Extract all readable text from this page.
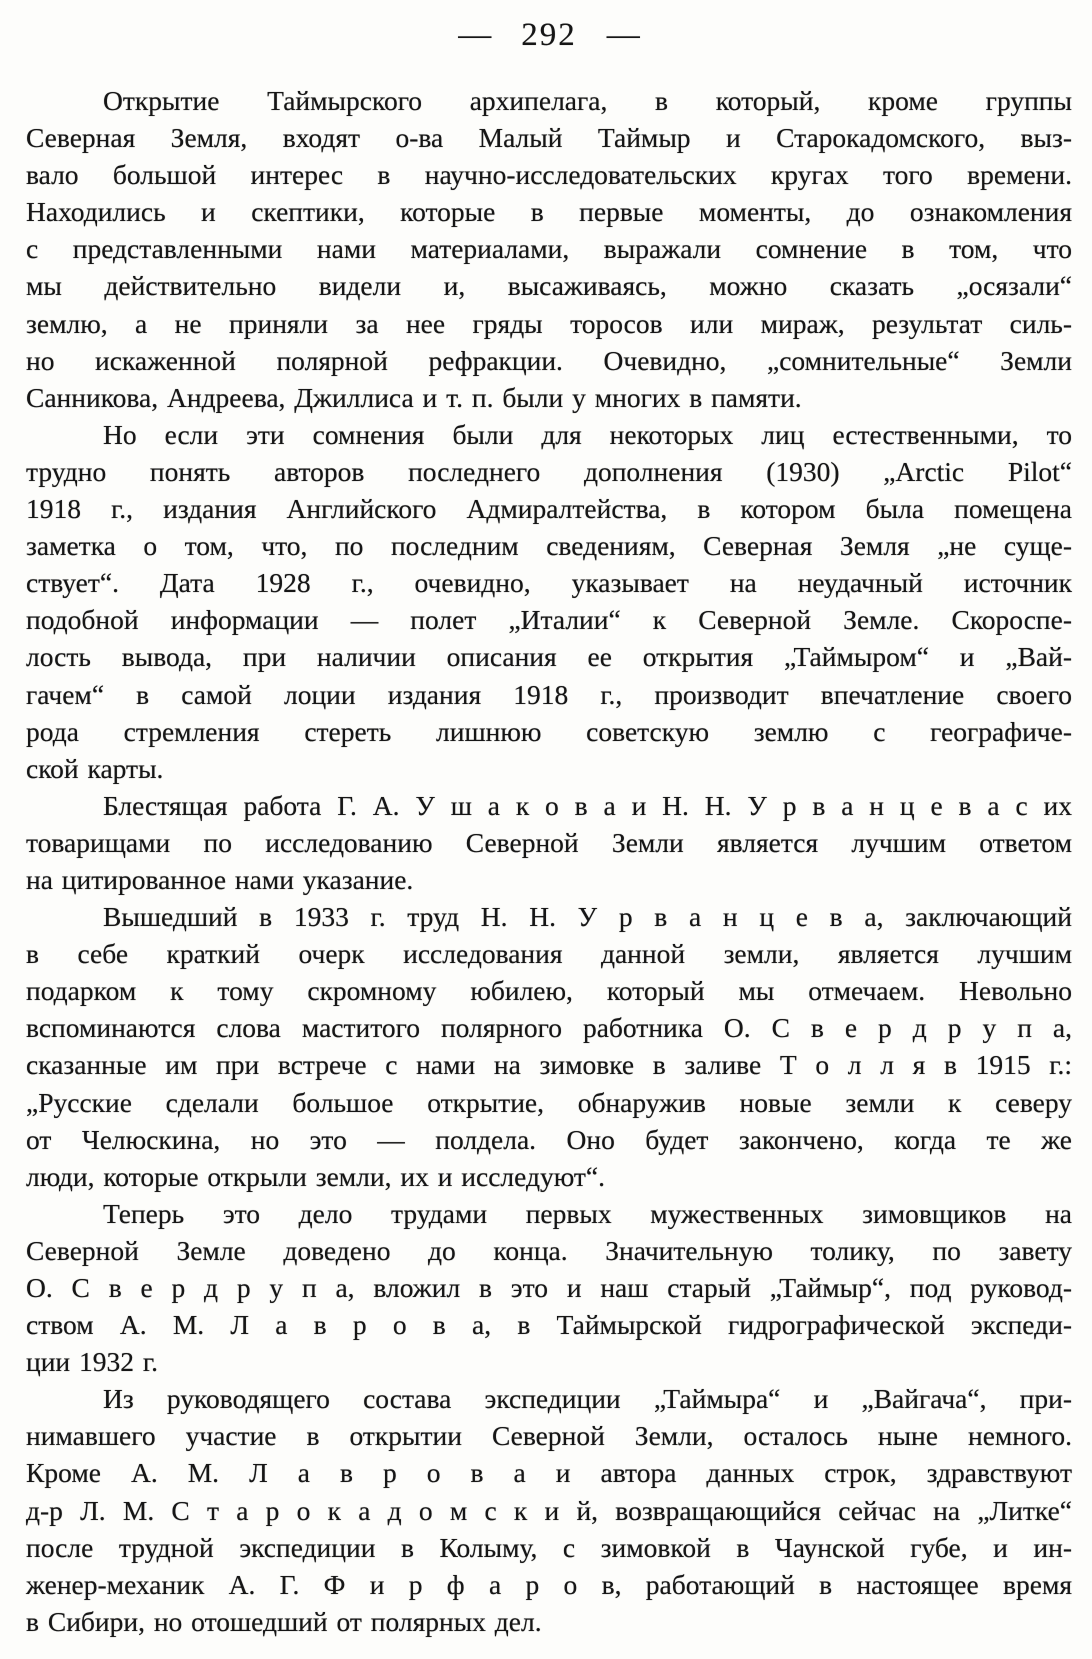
— 292 —
Открытие Таймырского архипелага, в который, кроме группы
Северная Земля, входят о-ва Малый Таймыр и Старокадомского, выз-
вало большой интерес в научно-исследовательских кругах того времени.
Находились и скептики, которые в первые моменты, до ознакомления
с представленными нами материалами, выражали сомнение в том, что
мы действительно видели и, высаживаясь, можно сказать „осязали“
землю, а не приняли за нее гряды торосов или мираж, результат силь-
но искаженной полярной рефракции. Очевидно, „сомнительные“ Земли
Санникова, Андреева, Джиллиса и т. п. были у многих в памяти.
Но если эти сомнения были для некоторых лиц естественными, то
трудно понять авторов последнего дополнения (1930) „Arctic Pilot“
1918 г., издания Английского Адмиралтейства, в котором была помещена
заметка о том, что, по последним сведениям, Северная Земля „не суще-
ствует“. Дата 1928 г., очевидно, указывает на неудачный источник
подобной информации — полет „Италии“ к Северной Земле. Скороспе-
лость вывода, при наличии описания ее открытия „Таймыром“ и „Вай-
гачем“ в самой лоции издания 1918 г., производит впечатление своего
рода стремления стереть лишнюю советскую землю с географиче-
ской карты.
Блестящая работа Г. А. У ш а к о в а и Н. Н. У р в а н ц е в а с их
товарищами по исследованию Северной Земли является лучшим ответом
на цитированное нами указание.
Вышедший в 1933 г. труд Н. Н. У р в а н ц е в а, заключающий
в себе краткий очерк исследования данной земли, является лучшим
подарком к тому скромному юбилею, который мы отмечаем. Невольно
вспоминаются слова маститого полярного работника О. С в е р д р у п а,
сказанные им при встрече с нами на зимовке в заливе Т о л л я в 1915 г.:
„Русские сделали большое открытие, обнаружив новые земли к северу
от Челюскина, но это — полдела. Оно будет закончено, когда те же
люди, которые открыли земли, их и исследуют“.
Теперь это дело трудами первых мужественных зимовщиков на
Северной Земле доведено до конца. Значительную толику, по завету
О. С в е р д р у п а, вложил в это и наш старый „Таймыр“, под руковод-
ством А. М. Л а в р о в а, в Таймырской гидрографической экспеди-
ции 1932 г.
Из руководящего состава экспедиции „Таймыра“ и „Вайгача“, при-
нимавшего участие в открытии Северной Земли, осталось ныне немного.
Кроме А. М. Л а в р о в а и автора данных строк, здравствуют
д-р Л. М. С т а р о к а д о м с к и й, возвращающийся сейчас на „Литке“
после трудной экспедиции в Колыму, с зимовкой в Чаунской губе, и ин-
женер-механик А. Г. Ф и р ф а р о в, работающий в настоящее время
в Сибири, но отошедший от полярных дел.
